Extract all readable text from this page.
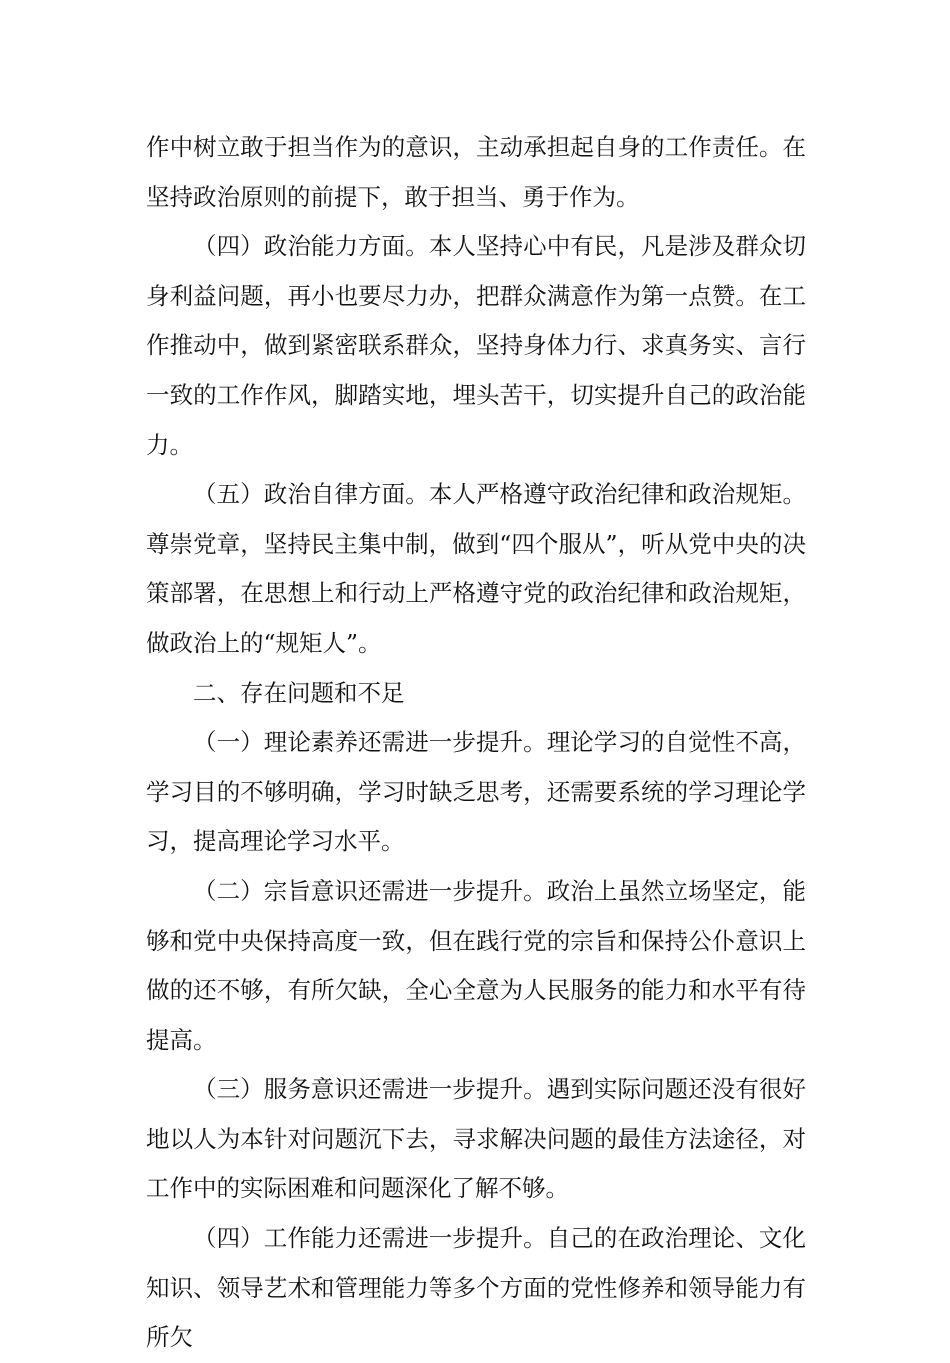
作中树立敢于担当作为的意识，主动承担起自身的工作责任。在坚持政治原则的前提下，敢于担当、勇于作为。

（四）政治能力方面。本人坚持心中有民，凡是涉及群众切身利益问题，再小也要尽力办，把群众满意作为第一点赞。在工作推动中，做到紧密联系群众，坚持身体力行、求真务实、言行一致的工作作风，脚踏实地，埋头苦干，切实提升自己的政治能力。

（五）政治自律方面。本人严格遵守政治纪律和政治规矩。尊崇党章，坚持民主集中制，做到“四个服从”，听从党中央的决策部署，在思想上和行动上严格遵守党的政治纪律和政治规矩，做政治上的“规矩人”。

二、存在问题和不足

（一）理论素养还需进一步提升。理论学习的自觉性不高，学习目的不够明确，学习时缺乏思考，还需要系统的学习理论学习，提高理论学习水平。

（二）宗旨意识还需进一步提升。政治上虽然立场坚定，能够和党中央保持高度一致，但在践行党的宗旨和保持公仆意识上做的还不够，有所欠缺，全心全意为人民服务的能力和水平有待提高。

（三）服务意识还需进一步提升。遇到实际问题还没有很好地以人为本针对问题沉下去，寻求解决问题的最佳方法途径，对工作中的实际困难和问题深化了解不够。

（四）工作能力还需进一步提升。自己的在政治理论、文化知识、领导艺术和管理能力等多个方面的党性修养和领导能力有所欠
